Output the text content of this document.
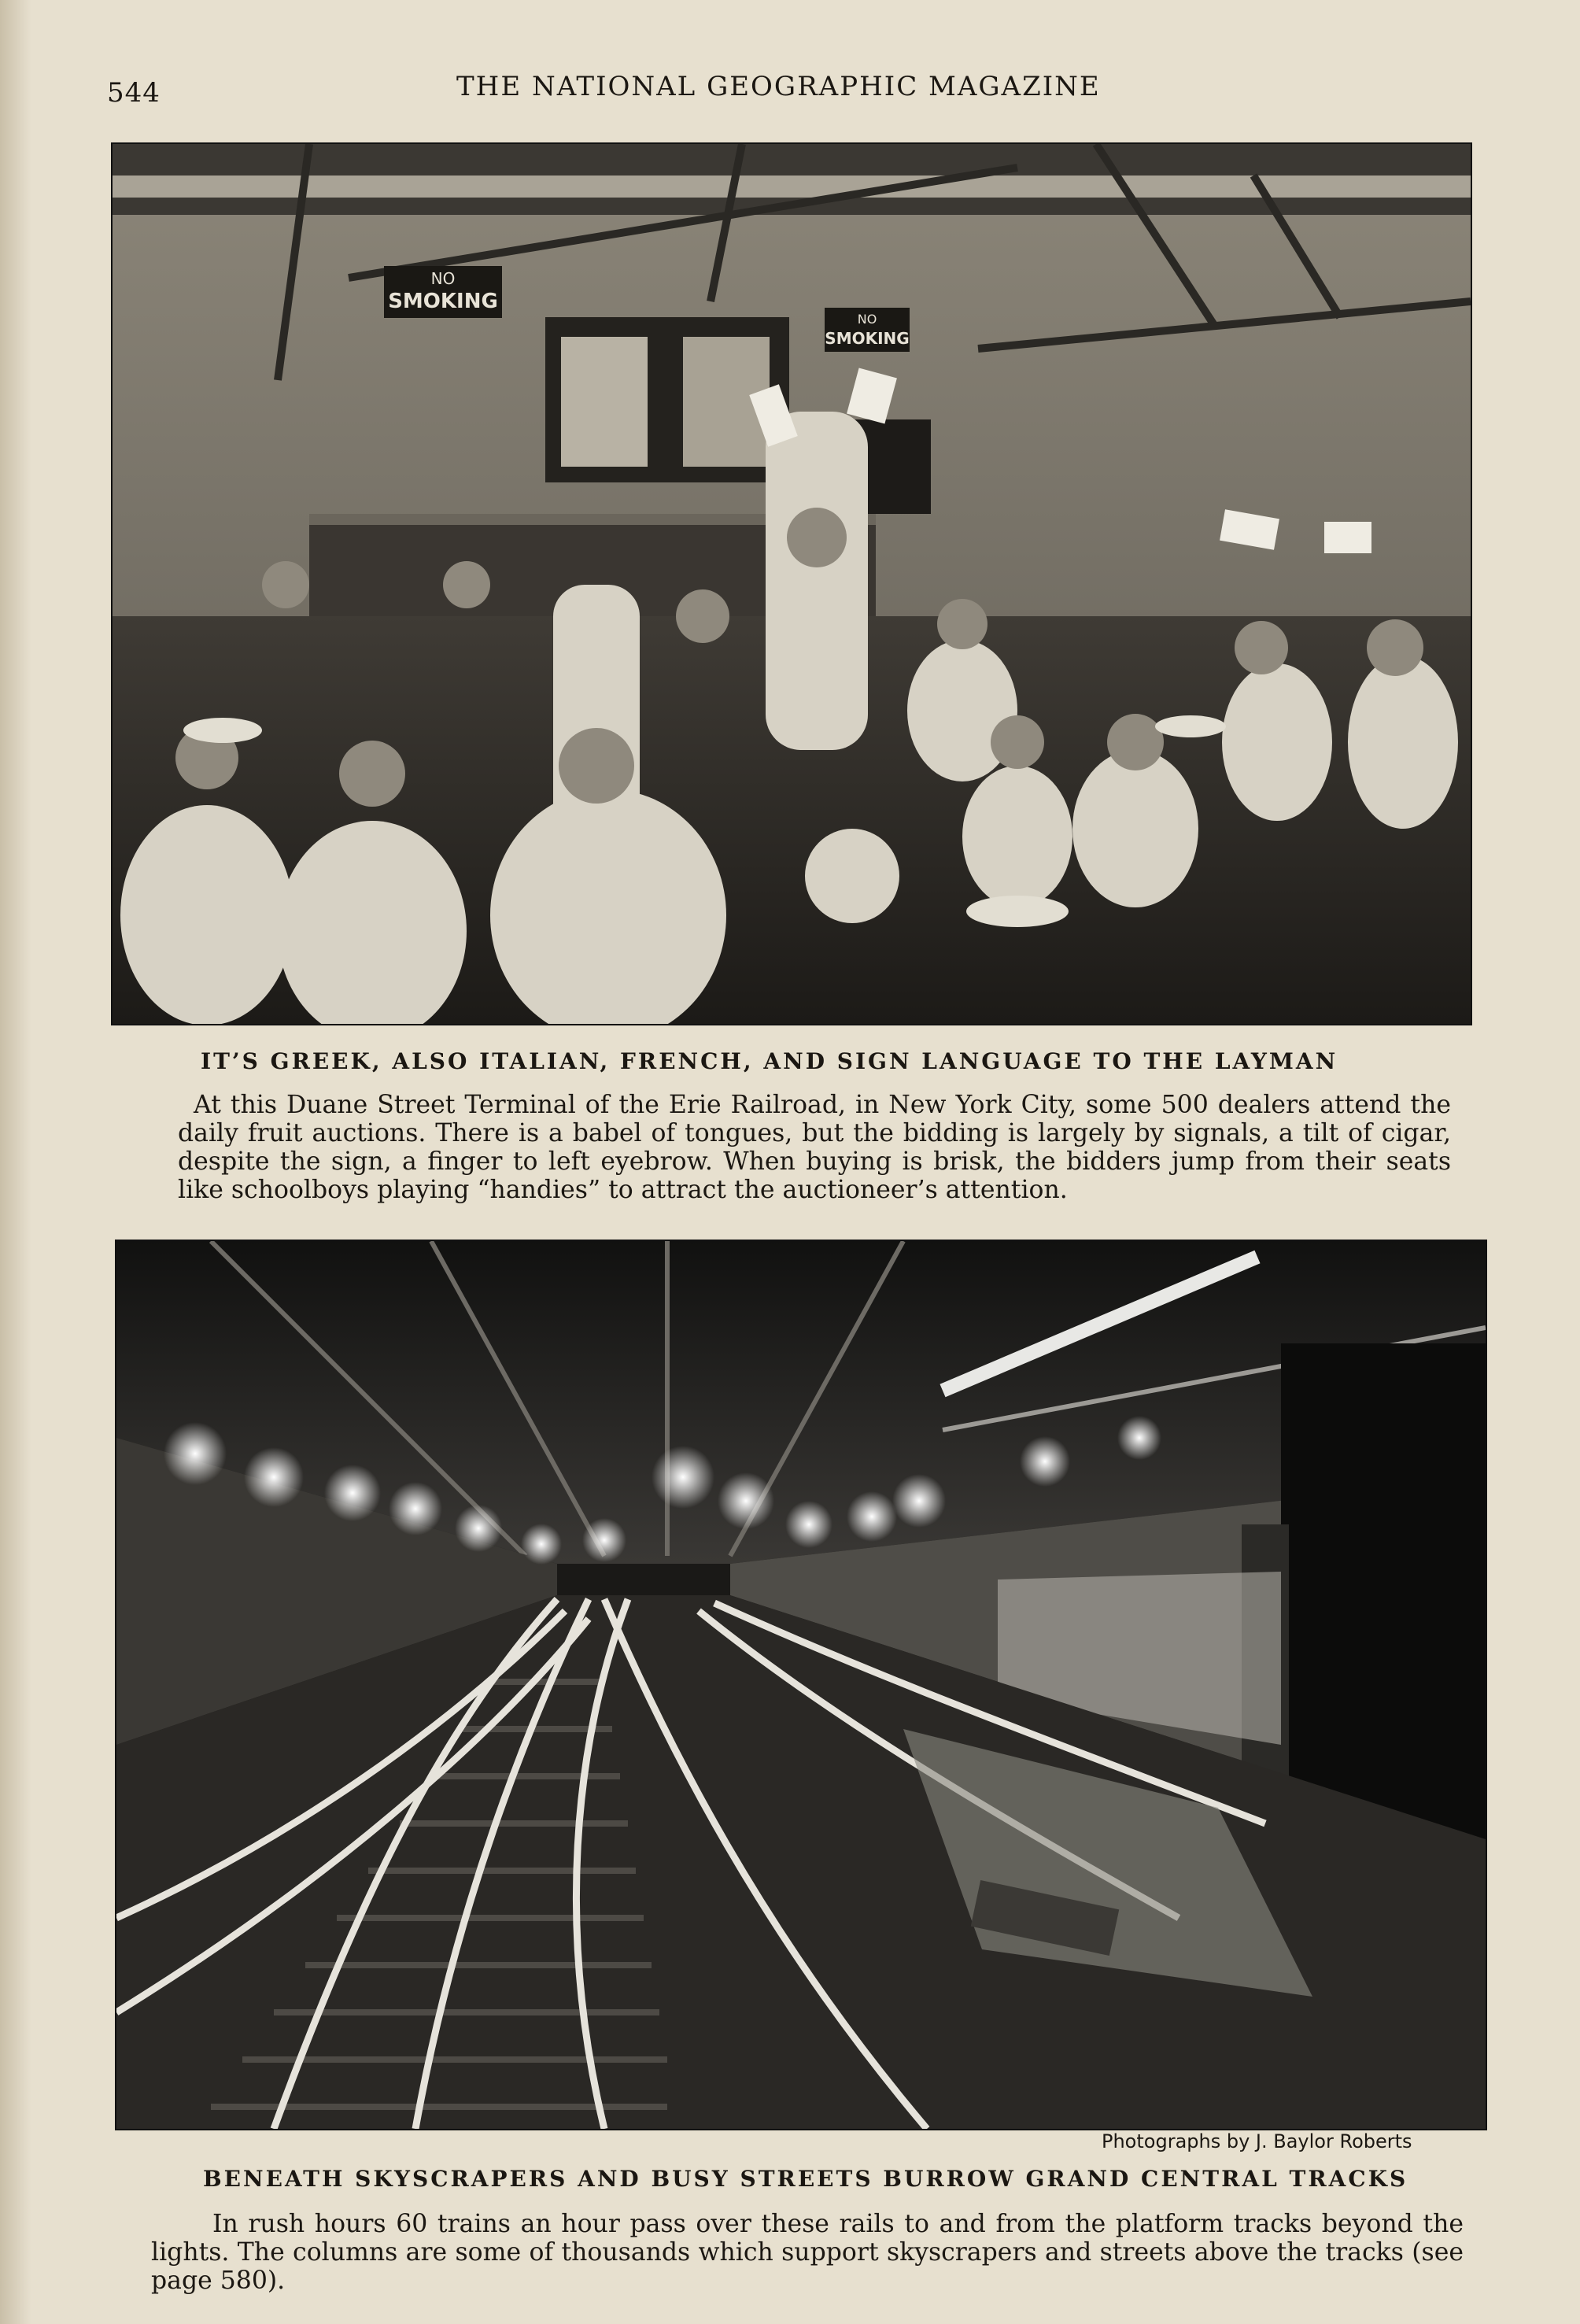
544	THE NATIONAL GEOGRAPHIC MAGAZINE
NO
SMOKING
NO
SMOKING
IT’S GREEK, ALSO ITALIAN, FRENCH, AND SIGN LANGUAGE TO THE LAYMAN
At this Duane Street Terminal of the Erie Railroad, in New York City, some 500 dealers attend the daily fruit auctions. There is a babel of tongues, but the bidding is largely by signals, a tilt of cigar, despite the sign, a finger to left eyebrow. When buying is brisk, the bidders jump from their seats like schoolboys playing “handies” to attract the auctioneer’s attention.
Photographs by J. Baylor Roberts
BENEATH SKYSCRAPERS AND BUSY STREETS BURROW GRAND CENTRAL TRACKS
In rush hours 60 trains an hour pass over these rails to and from the platform tracks beyond the lights. The columns are some of thousands which support skyscrapers and streets above the tracks (see page 580).
